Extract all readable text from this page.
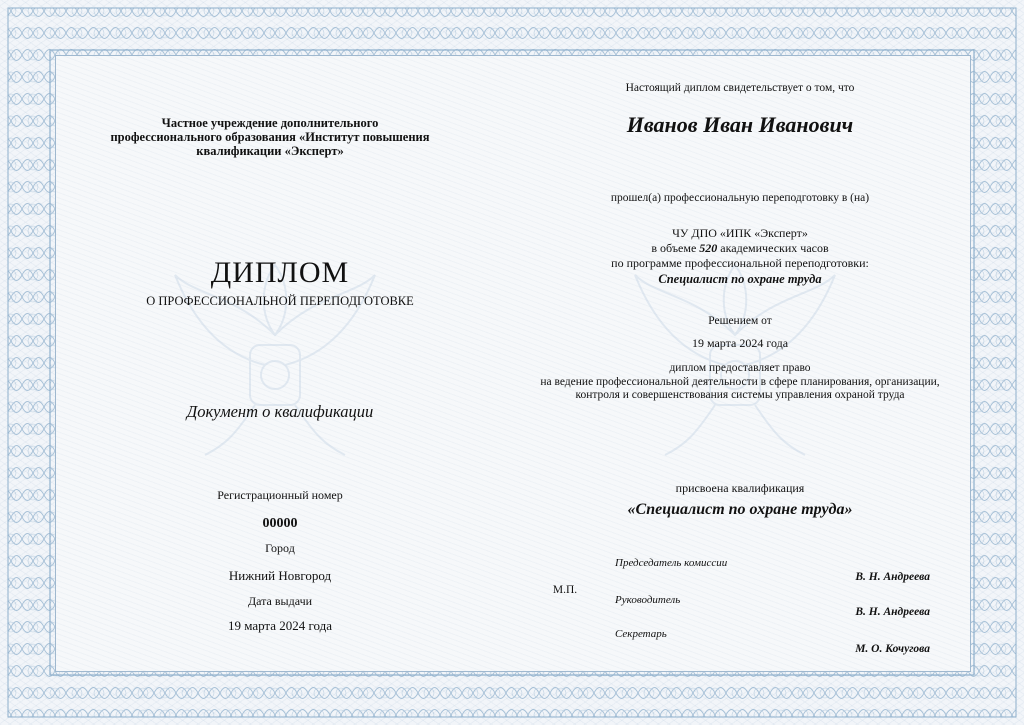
Частное учреждение дополнительного
профессионального образования «Институт повышения
квалификации «Эксперт»
ДИПЛОМ
О ПРОФЕССИОНАЛЬНОЙ ПЕРЕПОДГОТОВКЕ
Документ о квалификации
Регистрационный номер
00000
Город
Нижний Новгород
Дата выдачи
19 марта 2024 года
Настоящий диплом свидетельствует о том, что
Иванов Иван Иванович
прошел(а) профессиональную переподготовку в (на)
ЧУ ДПО «ИПК «Эксперт»
в объеме 520 академических часов
по программе профессиональной переподготовки:
Специалист по охране труда
Решением от
19 марта 2024 года
диплом предоставляет право
на ведение профессиональной деятельности в сфере планирования, организации,
контроля и совершенствования системы управления охраной труда
присвоена квалификация
«Специалист по охране труда»
М.П.
Председатель комиссии
В. Н. Андреева
Руководитель
В. Н. Андреева
Секретарь
М. О. Кочугова
